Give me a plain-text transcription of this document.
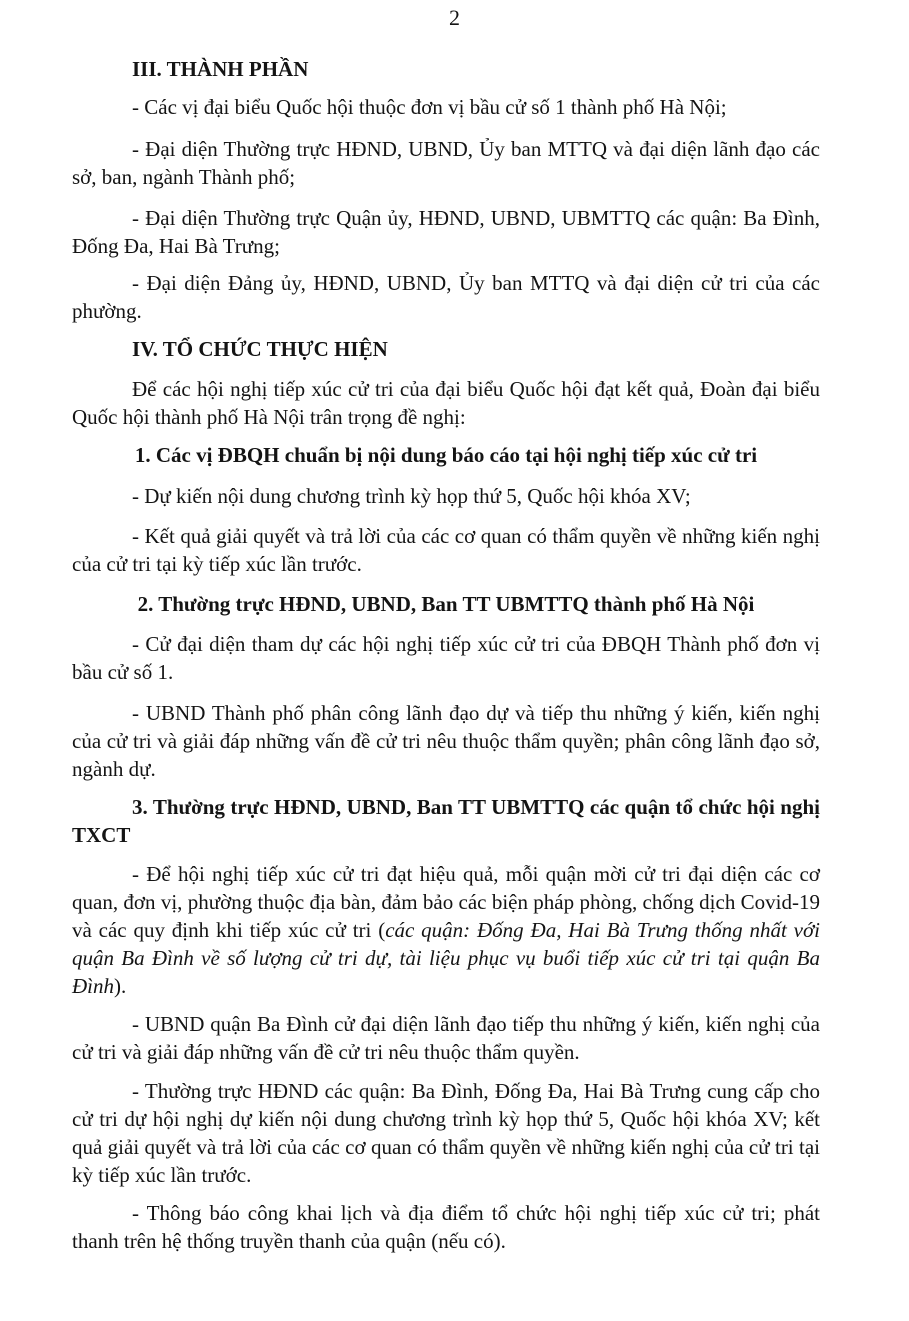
2

III. THÀNH PHẦN

- Các vị đại biểu Quốc hội thuộc đơn vị bầu cử số 1 thành phố Hà Nội;

- Đại diện Thường trực HĐND, UBND, Ủy ban MTTQ và đại diện lãnh đạo các sở, ban, ngành Thành phố;

- Đại diện Thường trực Quận ủy, HĐND, UBND, UBMTTQ các quận: Ba Đình, Đống Đa, Hai Bà Trưng;

- Đại diện Đảng ủy, HĐND, UBND, Ủy ban MTTQ và đại diện cử tri của các phường.

IV. TỔ CHỨC THỰC HIỆN

Để các hội nghị tiếp xúc cử tri của đại biểu Quốc hội đạt kết quả, Đoàn đại biểu Quốc hội thành phố Hà Nội trân trọng đề nghị:

1. Các vị ĐBQH chuẩn bị nội dung báo cáo tại hội nghị tiếp xúc cử tri

- Dự kiến nội dung chương trình kỳ họp thứ 5, Quốc hội khóa XV;

- Kết quả giải quyết và trả lời của các cơ quan có thẩm quyền về những kiến nghị của cử tri tại kỳ tiếp xúc lần trước.

2. Thường trực HĐND, UBND, Ban TT UBMTTQ thành phố Hà Nội

- Cử đại diện tham dự các hội nghị tiếp xúc cử tri của ĐBQH Thành phố đơn vị bầu cử số 1.

- UBND Thành phố phân công lãnh đạo dự và tiếp thu những ý kiến, kiến nghị của cử tri và giải đáp những vấn đề cử tri nêu thuộc thẩm quyền; phân công lãnh đạo sở, ngành dự.

3. Thường trực HĐND, UBND, Ban TT UBMTTQ các quận tổ chức hội nghị TXCT

- Để hội nghị tiếp xúc cử tri đạt hiệu quả, mỗi quận mời cử tri đại diện các cơ quan, đơn vị, phường thuộc địa bàn, đảm bảo các biện pháp phòng, chống dịch Covid-19 và các quy định khi tiếp xúc cử tri (các quận: Đống Đa, Hai Bà Trưng thống nhất với quận Ba Đình về số lượng cử tri dự, tài liệu phục vụ buổi tiếp xúc cử tri tại quận Ba Đình).

- UBND quận Ba Đình cử đại diện lãnh đạo tiếp thu những ý kiến, kiến nghị của cử tri và giải đáp những vấn đề cử tri nêu thuộc thẩm quyền.

- Thường trực HĐND các quận: Ba Đình, Đống Đa, Hai Bà Trưng cung cấp cho cử tri dự hội nghị dự kiến nội dung chương trình kỳ họp thứ 5, Quốc hội khóa XV; kết quả giải quyết và trả lời của các cơ quan có thẩm quyền về những kiến nghị của cử tri tại kỳ tiếp xúc lần trước.

- Thông báo công khai lịch và địa điểm tổ chức hội nghị tiếp xúc cử tri; phát thanh trên hệ thống truyền thanh của quận (nếu có).
